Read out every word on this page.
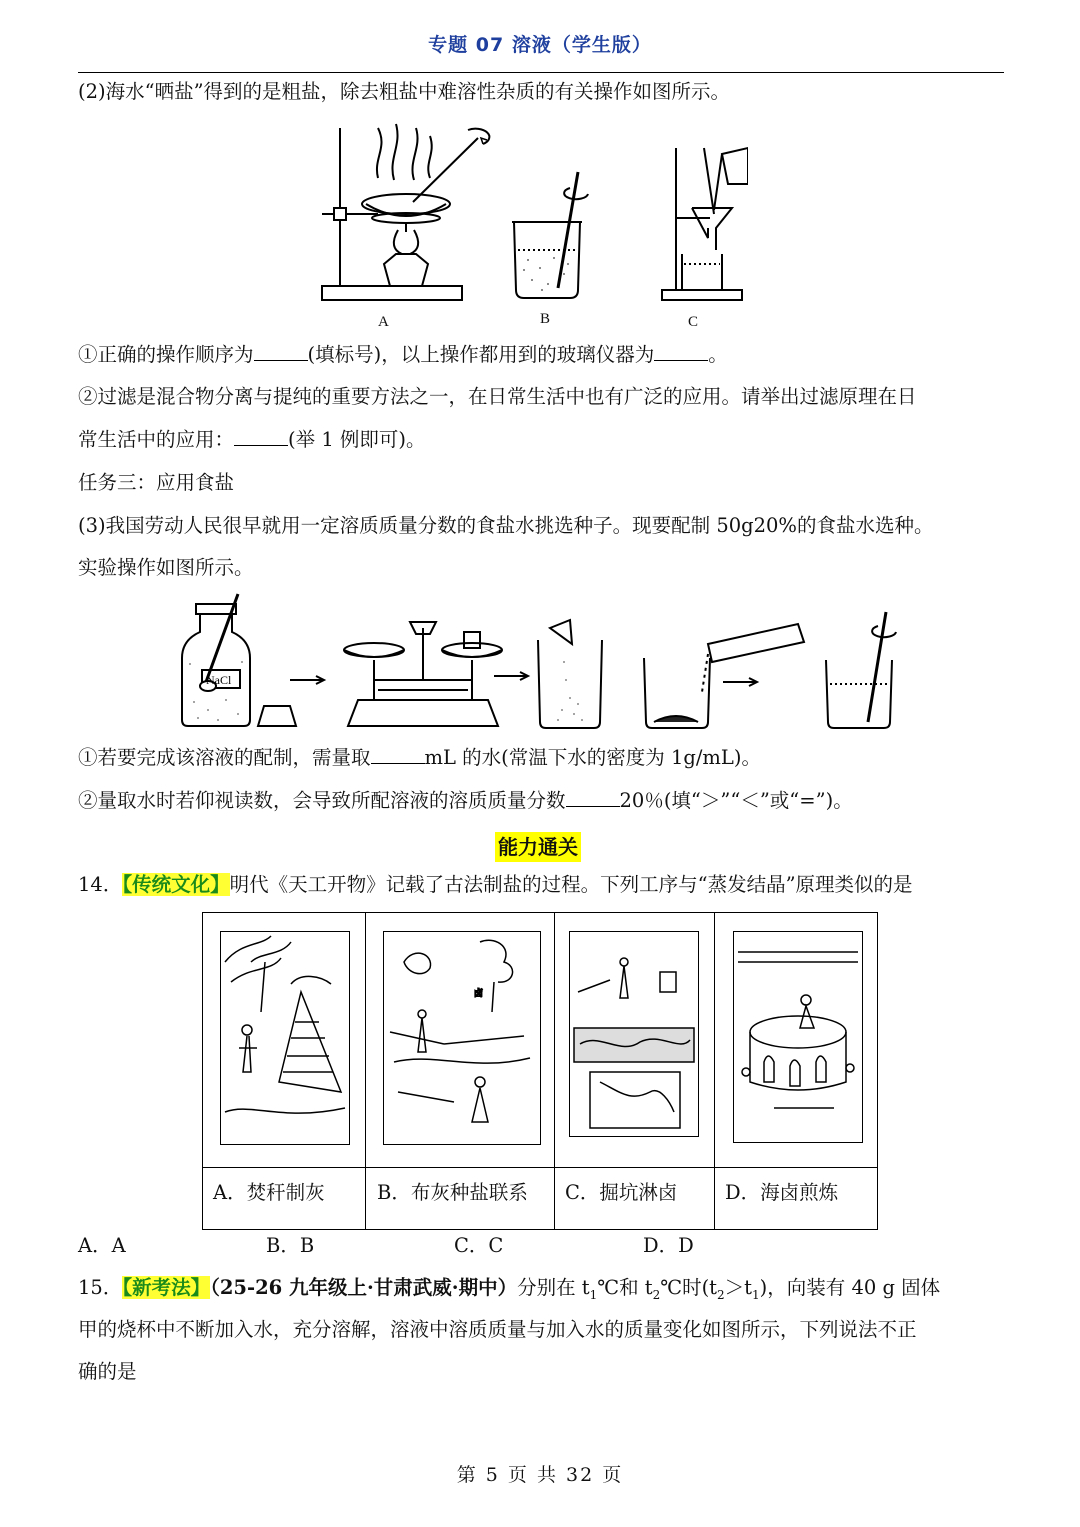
专题 07 溶液（学生版）
(2)海水“晒盐”得到的是粗盐，除去粗盐中难溶性杂质的有关操作如图所示。
A	B	C
①正确的操作顺序为	(填标号)，以上操作都用到的玻璃仪器为	。
②过滤是混合物分离与提纯的重要方法之一，在日常生活中也有广泛的应用。请举出过滤原理在日
常生活中的应用：	(举 1 例即可)。
任务三：应用食盐
(3)我国劳动人民很早就用一定溶质质量分数的食盐水挑选种子。现要配制 50g20%的食盐水选种。
实验操作如图所示。
NaCl
①若要完成该溶液的配制，需量取	mL 的水(常温下水的密度为 1g/mL)。
②量取水时若仰视读数，会导致所配溶液的溶质质量分数	20％(填“＞”“＜”或“=”)。
能力通关
14．【传统文化】明代《天工开物》记载了古法制盐的过程。下列工序与“蒸发结晶”原理类似的是
卤
A．焚秆制灰	B．布灰种盐联系 C．掘坑淋卤 D．海卤煎炼
A．A	B．B	C．C	D．D
15．【新考法】（25-26 九年级上·甘肃武威·期中）分别在 $t_1℃$和 $t_2℃$时$(t_2>t_1)$，向装有 40 g 固体
甲的烧杯中不断加入水，充分溶解，溶液中溶质质量与加入水的质量变化如图所示，下列说法不正
确的是
第 5 页 共 32 页
